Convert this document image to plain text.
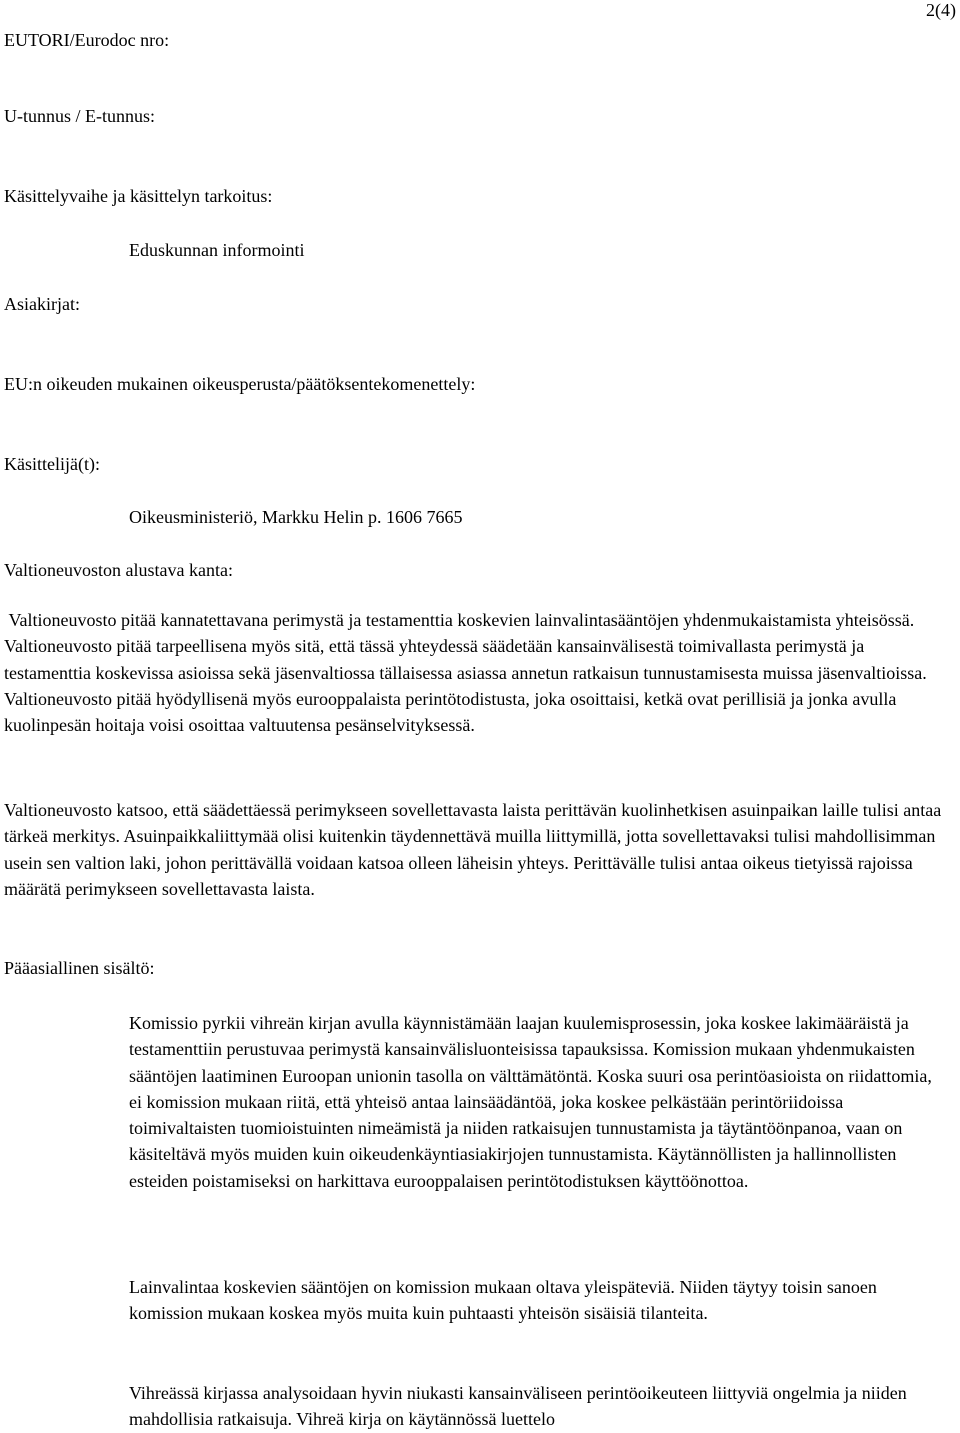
2(4)
EUTORI/Eurodoc nro:
U-tunnus / E-tunnus:
Käsittelyvaihe ja käsittelyn tarkoitus:
Eduskunnan informointi
Asiakirjat:
EU:n oikeuden mukainen oikeusperusta/päätöksentekomenettely:
Käsittelijä(t):
Oikeusministeriö, Markku Helin p. 1606 7665
Valtioneuvoston alustava kanta:

Valtioneuvosto pitää kannatettavana perimystä ja testamenttia koskevien lainvalintasääntöjen yhdenmukaistamista yhteisössä. Valtioneuvosto pitää tarpeellisena myös sitä, että tässä yhteydessä säädetään kansainvälisestä toimivallasta perimystä ja testamenttia koskevissa asioissa sekä jäsenvaltiossa tällaisessa asiassa annetun ratkaisun tunnustamisesta muissa jäsenvaltioissa. Valtioneuvosto pitää hyödyllisenä myös eurooppalaista perintötodistusta, joka osoittaisi, ketkä ovat perillisiä ja jonka avulla kuolinpesän hoitaja voisi osoittaa valtuutensa pesänselvityksessä.

Valtioneuvosto katsoo, että säädettäessä perimykseen sovellettavasta laista perittävän kuolinhetkisen asuinpaikan laille tulisi antaa tärkeä merkitys. Asuinpaikkaliittymää olisi kuitenkin täydennettävä muilla liittymillä, jotta sovellettavaksi tulisi mahdollisimman usein sen valtion laki, johon perittävällä voidaan katsoa olleen läheisin yhteys. Perittävälle tulisi antaa oikeus tietyissä rajoissa määrätä perimykseen sovellettavasta laista.

Pääasiallinen sisältö:

Komissio pyrkii vihreän kirjan avulla käynnistämään laajan kuulemisprosessin, joka koskee lakimääräistä ja testamenttiin perustuvaa perimystä kansainvälisluonteisissa tapauksissa. Komission mukaan yhdenmukaisten sääntöjen laatiminen Euroopan unionin tasolla on välttämätöntä. Koska suuri osa perintöasioista on riidattomia, ei komission mukaan riitä, että yhteisö antaa lainsäädäntöä, joka koskee pelkästään perintöriidoissa toimivaltaisten tuomioistuinten nimeämistä ja niiden ratkaisujen tunnustamista ja täytäntöönpanoa, vaan on käsiteltävä myös muiden kuin oikeudenkäyntiasiakirjojen tunnustamista. Käytännöllisten ja hallinnollisten esteiden poistamiseksi on harkittava eurooppalaisen perintötodistuksen käyttöönottoa.

Lainvalintaa koskevien sääntöjen on komission mukaan oltava yleispäteviä. Niiden täytyy toisin sanoen komission mukaan koskea myös muita kuin puhtaasti yhteisön sisäisiä tilanteita.

Vihreässä kirjassa analysoidaan hyvin niukasti kansainväliseen perintöoikeuteen liittyviä ongelmia ja niiden mahdollisia ratkaisuja. Vihreä kirja on käytännössä luettelo
